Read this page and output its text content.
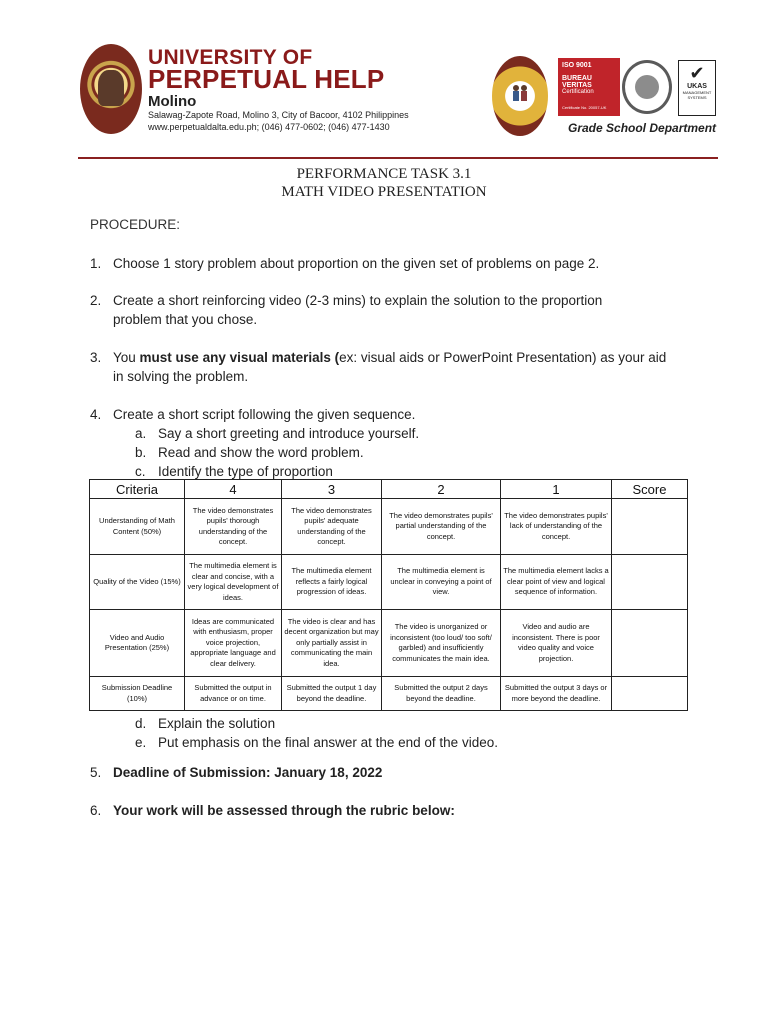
UNIVERSITY OF
PERPETUAL HELP
Molino
Salawag-Zapote Road, Molino 3, City of Bacoor, 4102 Philippines
www.perpetualdalta.edu.ph; (046) 477-0602; (046) 477-1430
ISO 9001
BUREAU VERITAS
Certification
Certificate No. 20057-UK
✔
UKAS
MANAGEMENT SYSTEMS
Grade School Department
PERFORMANCE TASK 3.1
MATH VIDEO PRESENTATION
PROCEDURE:
1. Choose 1 story problem about proportion on the given set of problems on page 2.
2. Create a short reinforcing video (2-3 mins) to explain the solution to the proportion problem that you chose.
3. You must use any visual materials (ex: visual aids or PowerPoint Presentation) as your aid in solving the problem.
4. Create a short script following the given sequence.
a. Say a short greeting and introduce yourself.
b. Read and show the word problem.
c. Identify the type of proportion
Criteria	4	3	2	1	Score
Understanding of Math Content (50%)	The video demonstrates pupils' thorough understanding of the concept.	The video demonstrates pupils' adequate understanding of the concept.	The video demonstrates pupils' partial understanding of the concept.	The video demonstrates pupils' lack of understanding of the concept.	
Quality of the Video (15%)	The multimedia element is clear and concise, with a very logical development of ideas.	The multimedia element reflects a fairly logical progression of ideas.	The multimedia element is unclear in conveying a point of view.	The multimedia element lacks a clear point of view and logical sequence of information.	
Video and Audio Presentation (25%)	Ideas are communicated with enthusiasm, proper voice projection, appropriate language and clear delivery.	The video is clear and has decent organization but may only partially assist in communicating the main idea.	The video is unorganized or inconsistent (too loud/ too soft/ garbled) and insufficiently communicates the main idea.	Video and audio are inconsistent. There is poor video quality and voice projection.	
Submission Deadline (10%)	Submitted the output in advance or on time.	Submitted the output 1 day beyond the deadline.	Submitted the output 2 days beyond the deadline.	Submitted the output 3 days or more beyond the deadline.	
d. Explain the solution
e. Put emphasis on the final answer at the end of the video.
5. Deadline of Submission: January 18, 2022
6. Your work will be assessed through the rubric below:
